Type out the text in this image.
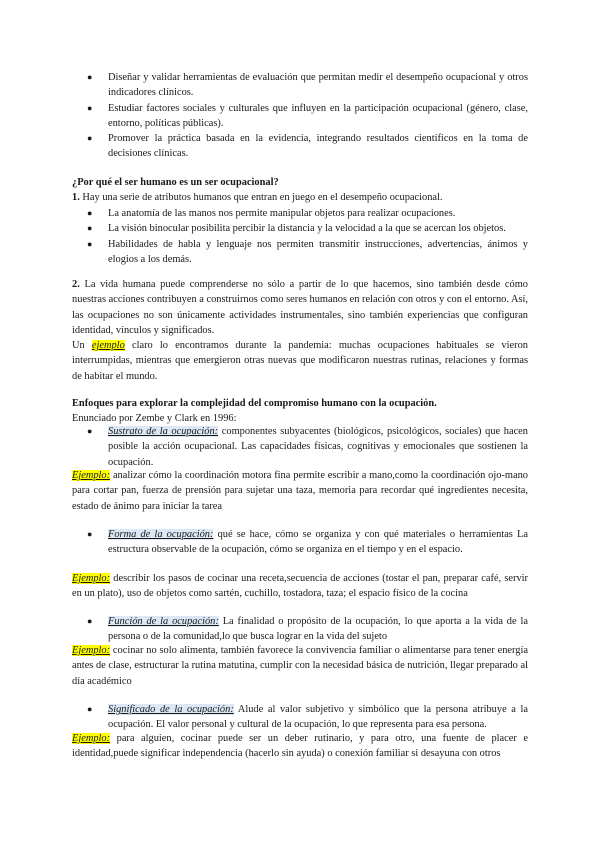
● Diseñar y validar herramientas de evaluación que permitan medir el desempeño ocupacional y otros indicadores clínicos.
● Estudiar factores sociales y culturales que influyen en la participación ocupacional (género, clase, entorno, políticas públicas).
● Promover la práctica basada en la evidencia, integrando resultados científicos en la toma de decisiones clínicas.
¿Por qué el ser humano es un ser ocupacional?

1. Hay una serie de atributos humanos que entran en juego en el desempeño ocupacional.

● La anatomía de las manos nos permite manipular objetos para realizar ocupaciones.
● La visión binocular posibilita percibir la distancia y la velocidad a la que se acercan los objetos.
● Habilidades de habla y lenguaje nos permiten transmitir instrucciones, advertencias, ánimos y elogios a los demás.

2. La vida humana puede comprenderse no sólo a partir de lo que hacemos, sino también desde cómo nuestras acciones contribuyen a construirnos como seres humanos en relación con otros y con el entorno. Así, las ocupaciones no son únicamente actividades instrumentales, sino también experiencias que configuran identidad, vínculos y significados.

Un ejemplo claro lo encontramos durante la pandemia: muchas ocupaciones habituales se vieron interrumpidas, mientras que emergieron otras nuevas que modificaron nuestras rutinas, relaciones y formas de habitar el mundo.

Enfoques para explorar la complejidad del compromiso humano con la ocupación.

Enunciado por Zembe y Clark en 1996:

● Sustrato de la ocupación: componentes subyacentes (biológicos, psicológicos, sociales) que hacen posible la acción ocupacional. Las capacidades físicas, cognitivas y emocionales que sostienen la ocupación.

Ejemplo: analizar cómo la coordinación motora fina permite escribir a mano,como la coordinación ojo-mano para cortar pan, fuerza de prensión para sujetar una taza, memoria para recordar qué ingredientes necesita, estado de ánimo para iniciar la tarea

● Forma de la ocupación: qué se hace, cómo se organiza y con qué materiales o herramientas La estructura observable de la ocupación, cómo se organiza en el tiempo y en el espacio.

Ejemplo: describir los pasos de cocinar una receta,secuencia de acciones (tostar el pan, preparar café, servir en un plato), uso de objetos como sartén, cuchillo, tostadora, taza; el espacio físico de la cocina

● Función de la ocupación: La finalidad o propósito de la ocupación, lo que aporta a la vida de la persona o de la comunidad,lo que busca lograr en la vida del sujeto

Ejemplo: cocinar no solo alimenta, también favorece la convivencia familiar o alimentarse para tener energía antes de clase, estructurar la rutina matutina, cumplir con la necesidad básica de nutrición, llegar preparado al día académico

● Significado de la ocupación: Alude al valor subjetivo y simbólico que la persona atribuye a la ocupación. El valor personal y cultural de la ocupación, lo que representa para esa persona.

Ejemplo: para alguien, cocinar puede ser un deber rutinario, y para otro, una fuente de placer e identidad,puede significar independencia (hacerlo sin ayuda) o conexión familiar si desayuna con otros
